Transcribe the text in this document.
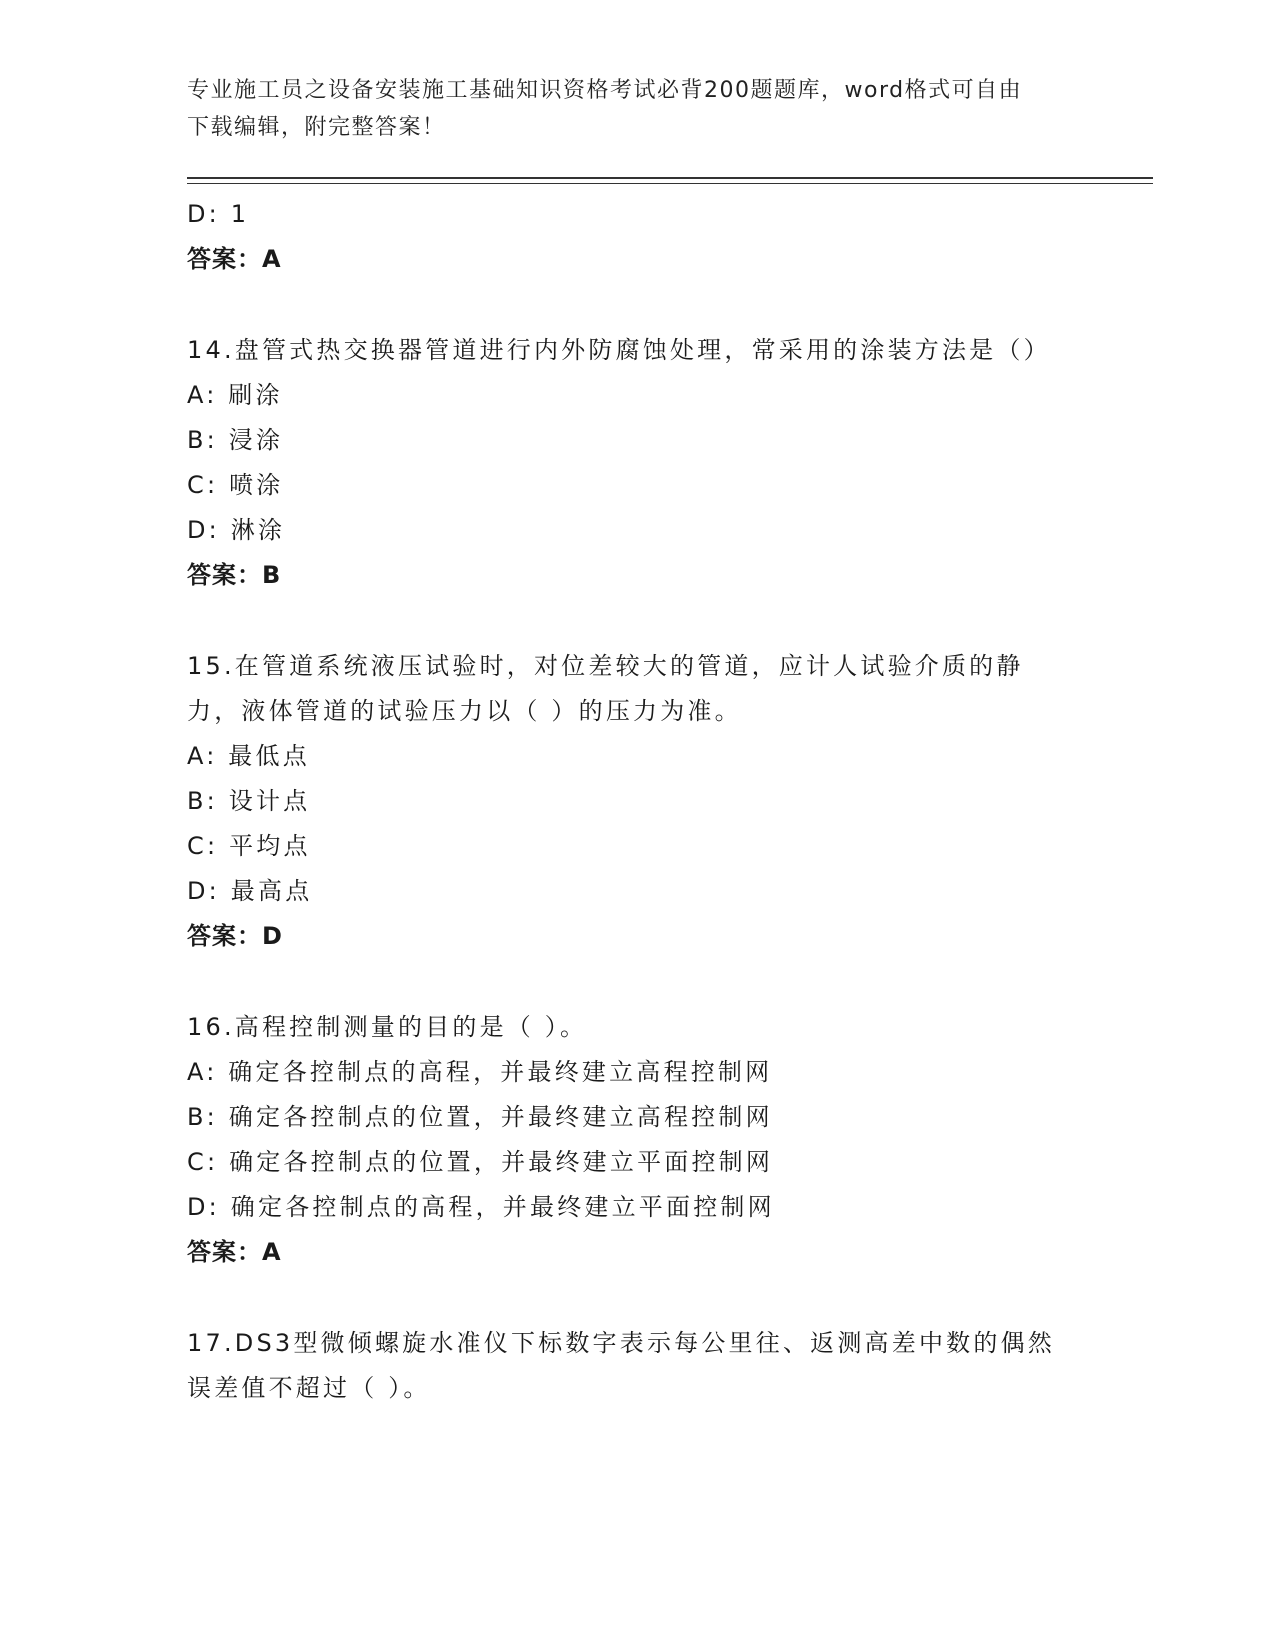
专业施工员之设备安装施工基础知识资格考试必背200题题库，word格式可自由
下载编辑，附完整答案！
D: 1
答案：A
14.盘管式热交换器管道进行内外防腐蚀处理，常采用的涂装方法是（）
A: 刷涂
B: 浸涂
C: 喷涂
D: 淋涂
答案：B
15.在管道系统液压试验时，对位差较大的管道，应计人试验介质的静力，液体管道的试验压力以（ ）的压力为准。
A: 最低点
B: 设计点
C: 平均点
D: 最高点
答案：D
16.高程控制测量的目的是（ ）。
A: 确定各控制点的高程，并最终建立高程控制网
B: 确定各控制点的位置，并最终建立高程控制网
C: 确定各控制点的位置，并最终建立平面控制网
D: 确定各控制点的高程，并最终建立平面控制网
答案：A
17.DS3型微倾螺旋水准仪下标数字表示每公里往、返测高差中数的偶然误差值不超过（ ）。
